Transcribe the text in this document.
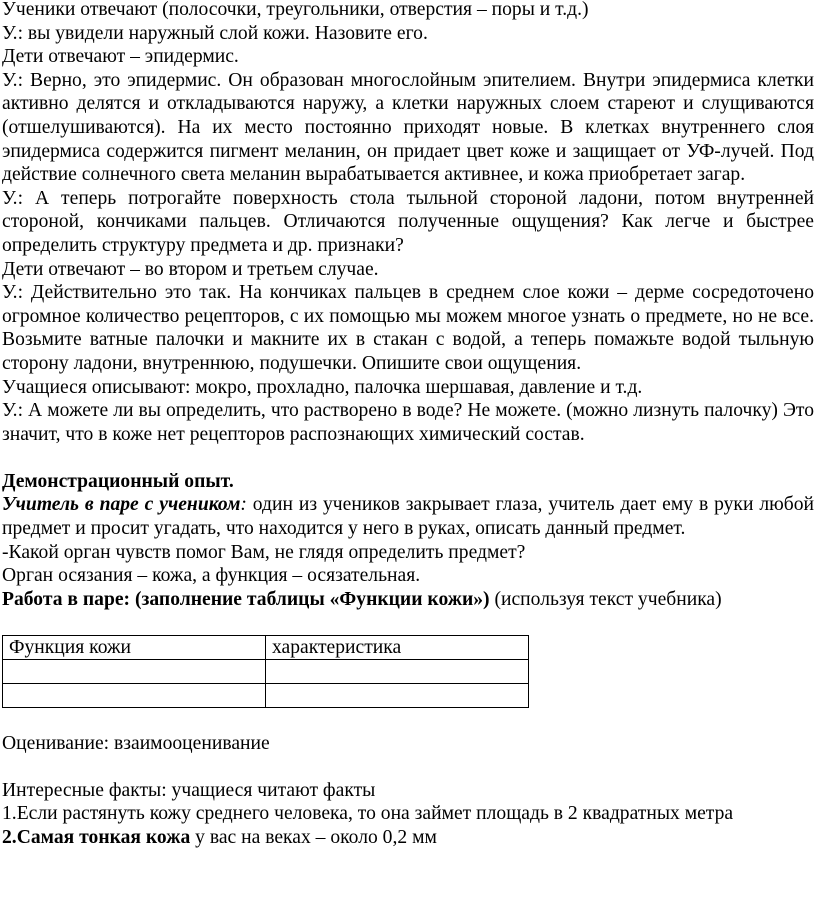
Ученики отвечают (полосочки, треугольники, отверстия – поры и т.д.)

У.: вы увидели наружный слой кожи. Назовите его.

Дети отвечают – эпидермис.

У.: Верно, это эпидермис. Он образован многослойным эпителием. Внутри эпидермиса клетки активно делятся и откладываются наружу, а клетки наружных слоем стареют и слущиваются (отшелушиваются). На их место постоянно приходят новые. В клетках внутреннего слоя эпидермиса содержится пигмент меланин, он придает цвет коже и защищает от УФ-лучей. Под действие солнечного света меланин вырабатывается активнее, и кожа приобретает загар.

У.: А теперь потрогайте поверхность стола тыльной стороной ладони, потом внутренней стороной, кончиками пальцев. Отличаются полученные ощущения? Как легче и быстрее определить структуру предмета и др. признаки?

Дети отвечают – во втором и третьем случае.

У.: Действительно это так. На кончиках пальцев в среднем слое кожи – дерме сосредоточено огромное количество рецепторов, с их помощью мы можем многое узнать о предмете, но не все. Возьмите ватные палочки и макните их в стакан с водой, а теперь помажьте водой тыльную сторону ладони, внутреннюю, подушечки. Опишите свои ощущения.

Учащиеся описывают: мокро, прохладно, палочка шершавая, давление и т.д.

У.: А можете ли вы определить, что растворено в воде? Не можете. (можно лизнуть палочку) Это значит, что в коже нет рецепторов распознающих химический состав.

Демонстрационный опыт.

Учитель в паре с учеником: один из учеников закрывает глаза, учитель дает ему в руки любой предмет и просит угадать, что находится у него в руках, описать данный предмет.

-Какой орган чувств помог Вам, не глядя определить предмет?

Орган осязания – кожа, а функция – осязательная.

Работа в паре: (заполнение таблицы «Функции кожи») (используя текст учебника)

Функция кожи	характеристика

Оценивание: взаимооценивание

Интересные факты: учащиеся читают факты

1.Если растянуть кожу среднего человека, то она займет площадь в 2 квадратных метра

2.Самая тонкая кожа у вас на веках – около 0,2 мм
